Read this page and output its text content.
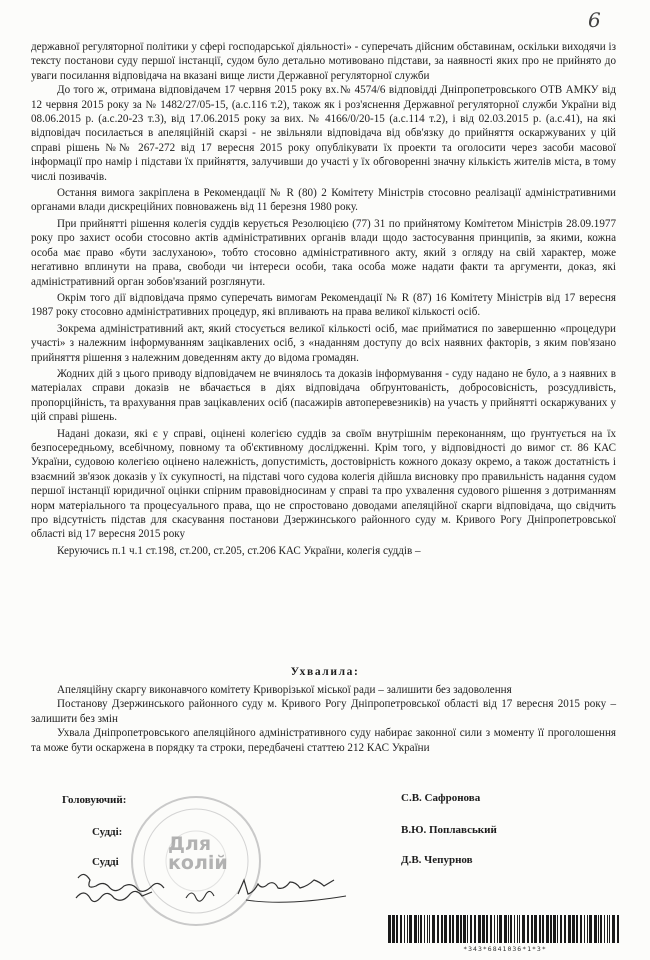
6
державної регуляторної політики у сфері господарської діяльності» - суперечать дійсним обставинам, оскільки виходячи із тексту постанови суду першої інстанції, судом було детально мотивовано підстави, за наявності яких про не прийнято до уваги посилання відповідача на вказані вище листи Державної регуляторної служби
До того ж, отримана відповідачем 17 червня 2015 року вх.№ 4574/6 відповідді Дніпропетровського ОТВ АМКУ від 12 червня 2015 року за № 1482/27/05-15, (а.с.116 т.2), також як і роз'яснення Державної регуляторної служби України від 08.06.2015 р. (а.с.20-23 т.3), від 17.06.2015 року за вих. № 4166/0/20-15 (а.с.114 т.2), і від 02.03.2015 р. (а.с.41), на які відповідач посилається в апеляційній скарзі - не звільняли відповідача від обв'язку до прийняття оскаржуваних у цій справі рішень №№ 267-272 від 17 вересня 2015 року опублікувати їх проекти та оголосити через засоби масової інформації про намір і підстави їх прийняття, залучивши до участі у їх обговоренні значну кількість жителів міста, в тому числі позивачів.
Остання вимога закріплена в Рекомендації № R (80) 2 Комітету Міністрів стосовно реалізації адміністративними органами влади дискреційних повноважень від 11 березня 1980 року.
При прийнятті рішення колегія суддів керується Резолюцією (77) 31 по прийнятому Комітетом Міністрів 28.09.1977 року про захист особи стосовно актів адміністративних органів влади щодо застосування принципів, за якими, кожна особа має право «бути заслуханою», тобто стосовно адміністративного акту, який з огляду на свій характер, може негативно вплинути на права, свободи чи інтереси особи, така особа може надати факти та аргументи, доказ, які адміністративний орган зобов'язаний розглянути.
Окрім того дії відповідача прямо суперечать вимогам Рекомендації № R (87) 16 Комітету Міністрів від 17 вересня 1987 року стосовно адміністративних процедур, які впливають на права великої кількості осіб.
Зокрема адміністративний акт, який стосується великої кількості осіб, має прийматися по завершенню «процедури участі» з належним інформуванням зацікавлених осіб, з «наданням доступу до всіх наявних факторів, з яким пов'язано прийняття рішення з належним доведенням акту до відома громадян.
Жодних дій з цього приводу відповідачем не вчинялось та доказів інформування - суду надано не було, а з наявних в матеріалах справи доказів не вбачається в діях відповідача обґрунтованість, добросовісність, розсудливість, пропорційність, та врахування прав зацікавлених осіб (пасажирів автоперевезників) на участь у прийнятті оскаржуваних у цій справі рішень.
Надані докази, які є у справі, оцінені колегією суддів за своїм внутрішнім переконанням, що ґрунтується на їх безпосередньому, всебічному, повному та об'єктивному дослідженні. Крім того, у відповідності до вимог ст. 86 КАС України, судовою колегією оцінено належність, допустимість, достовірність кожного доказу окремо, а також достатність і взаємний зв'язок доказів у їх сукупності, на підставі чого судова колегія дійшла висновку про правильність надання судом першої інстанції юридичної оцінки спірним правовідносинам у справі та про ухвалення судового рішення з дотриманням норм матеріального та процесуального права, що не спростовано доводами апеляційної скарги відповідача, що свідчить про відсутність підстав для скасування постанови Дзержинського районного суду м. Кривого Рогу Дніпропетровської області від 17 вересня 2015 року
Керуючись п.1 ч.1 ст.198, ст.200, ст.205, ст.206 КАС України, колегія суддів –
Ухвалила:
Апеляційну скаргу виконавчого комітету Криворізької міської ради – залишити без задоволення
Постанову Дзержинського районного суду м. Кривого Рогу Дніпропетровської області від 17 вересня 2015 року – залишити без змін
Ухвала Дніпропетровського апеляційного адміністративного суду набирає законної сили з моменту її проголошення та може бути оскаржена в порядку та строки, передбачені статтею 212 КАС України
Головуючий:
Судді:
Судді
С.В. Сафронова
В.Ю. Поплавський
Д.В. Чепурнов
Для колій
*343*6841036*1*3*
